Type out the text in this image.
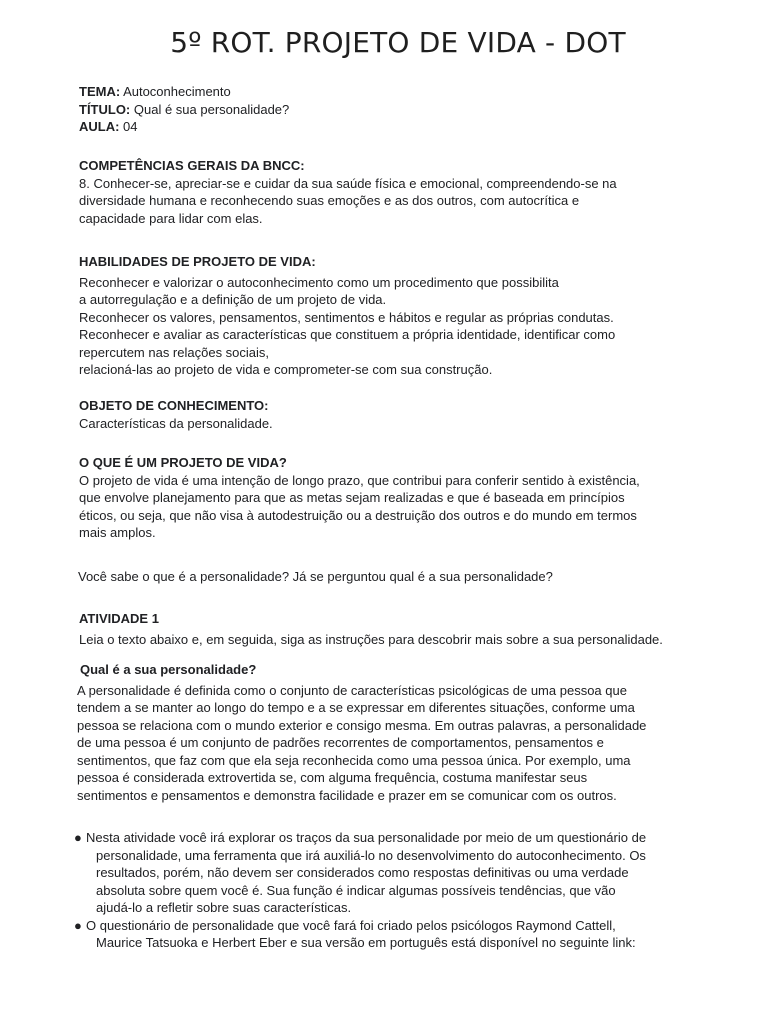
5º ROT. PROJETO DE VIDA - DOT
TEMA: Autoconhecimento
TÍTULO: Qual é sua personalidade?
AULA: 04
COMPETÊNCIAS GERAIS DA BNCC:
8. Conhecer-se, apreciar-se e cuidar da sua saúde física e emocional, compreendendo-se na
diversidade humana e reconhecendo suas emoções e as dos outros, com autocrítica e
capacidade para lidar com elas.
HABILIDADES DE PROJETO DE VIDA:
Reconhecer e valorizar o autoconhecimento como um procedimento que possibilita
a autorregulação e a definição de um projeto de vida.
Reconhecer os valores, pensamentos, sentimentos e hábitos e regular as próprias condutas.
Reconhecer e avaliar as características que constituem a própria identidade, identificar como
repercutem nas relações sociais,
relacioná-las ao projeto de vida e comprometer-se com sua construção.
OBJETO DE CONHECIMENTO:
Características da personalidade.
O QUE É UM PROJETO DE VIDA?
O projeto de vida é uma intenção de longo prazo, que contribui para conferir sentido à existência,
que envolve planejamento para que as metas sejam realizadas e que é baseada em princípios
éticos, ou seja, que não visa à autodestruição ou a destruição dos outros e do mundo em termos
mais amplos.
Você sabe o que é a personalidade? Já se perguntou qual é a sua personalidade?
ATIVIDADE 1
Leia o texto abaixo e, em seguida, siga as instruções para descobrir mais sobre a sua personalidade.
Qual é a sua personalidade?
A personalidade é definida como o conjunto de características psicológicas de uma pessoa que
tendem a se manter ao longo do tempo e a se expressar em diferentes situações, conforme uma
pessoa se relaciona com o mundo exterior e consigo mesma. Em outras palavras, a personalidade
de uma pessoa é um conjunto de padrões recorrentes de comportamentos, pensamentos e
sentimentos, que faz com que ela seja reconhecida como uma pessoa única. Por exemplo, uma
pessoa é considerada extrovertida se, com alguma frequência, costuma manifestar seus
sentimentos e pensamentos e demonstra facilidade e prazer em se comunicar com os outros.
● Nesta atividade você irá explorar os traços da sua personalidade por meio de um questionário de
personalidade, uma ferramenta que irá auxiliá-lo no desenvolvimento do autoconhecimento. Os
resultados, porém, não devem ser considerados como respostas definitivas ou uma verdade
absoluta sobre quem você é. Sua função é indicar algumas possíveis tendências, que vão
ajudá-lo a refletir sobre suas características.
● O questionário de personalidade que você fará foi criado pelos psicólogos Raymond Cattell,
Maurice Tatsuoka e Herbert Eber e sua versão em português está disponível no seguinte link:
